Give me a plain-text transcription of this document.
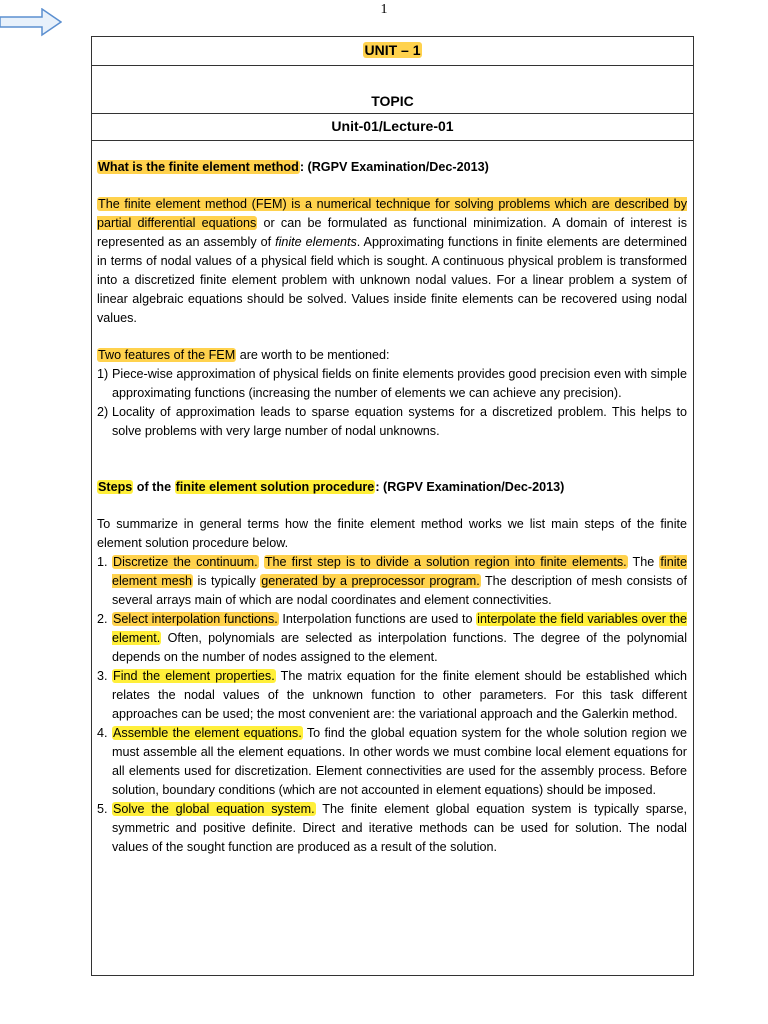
1
UNIT – 1
TOPIC
Unit-01/Lecture-01

What is the finite element method: (RGPV Examination/Dec-2013)

The finite element method (FEM) is a numerical technique for solving problems which are described by partial differential equations or can be formulated as functional minimization. A domain of interest is represented as an assembly of finite elements. Approximating functions in finite elements are determined in terms of nodal values of a physical field which is sought. A continuous physical problem is transformed into a discretized finite element problem with unknown nodal values. For a linear problem a system of linear algebraic equations should be solved. Values inside finite elements can be recovered using nodal values.

Two features of the FEM are worth to be mentioned:

1) Piece-wise approximation of physical fields on finite elements provides good precision even with simple approximating functions (increasing the number of elements we can achieve any precision).
2) Locality of approximation leads to sparse equation systems for a discretized problem. This helps to solve problems with very large number of nodal unknowns.

Steps of the finite element solution procedure: (RGPV Examination/Dec-2013)

To summarize in general terms how the finite element method works we list main steps of the finite element solution procedure below.

1. Discretize the continuum. The first step is to divide a solution region into finite elements. The finite element mesh is typically generated by a preprocessor program. The description of mesh consists of several arrays main of which are nodal coordinates and element connectivities.
2. Select interpolation functions. Interpolation functions are used to interpolate the field variables over the element. Often, polynomials are selected as interpolation functions. The degree of the polynomial depends on the number of nodes assigned to the element.
3. Find the element properties. The matrix equation for the finite element should be established which relates the nodal values of the unknown function to other parameters. For this task different approaches can be used; the most convenient are: the variational approach and the Galerkin method.
4. Assemble the element equations. To find the global equation system for the whole solution region we must assemble all the element equations. In other words we must combine local element equations for all elements used for discretization. Element connectivities are used for the assembly process. Before solution, boundary conditions (which are not accounted in element equations) should be imposed.
5. Solve the global equation system. The finite element global equation system is typically sparse, symmetric and positive definite. Direct and iterative methods can be used for solution. The nodal values of the sought function are produced as a result of the solution.
